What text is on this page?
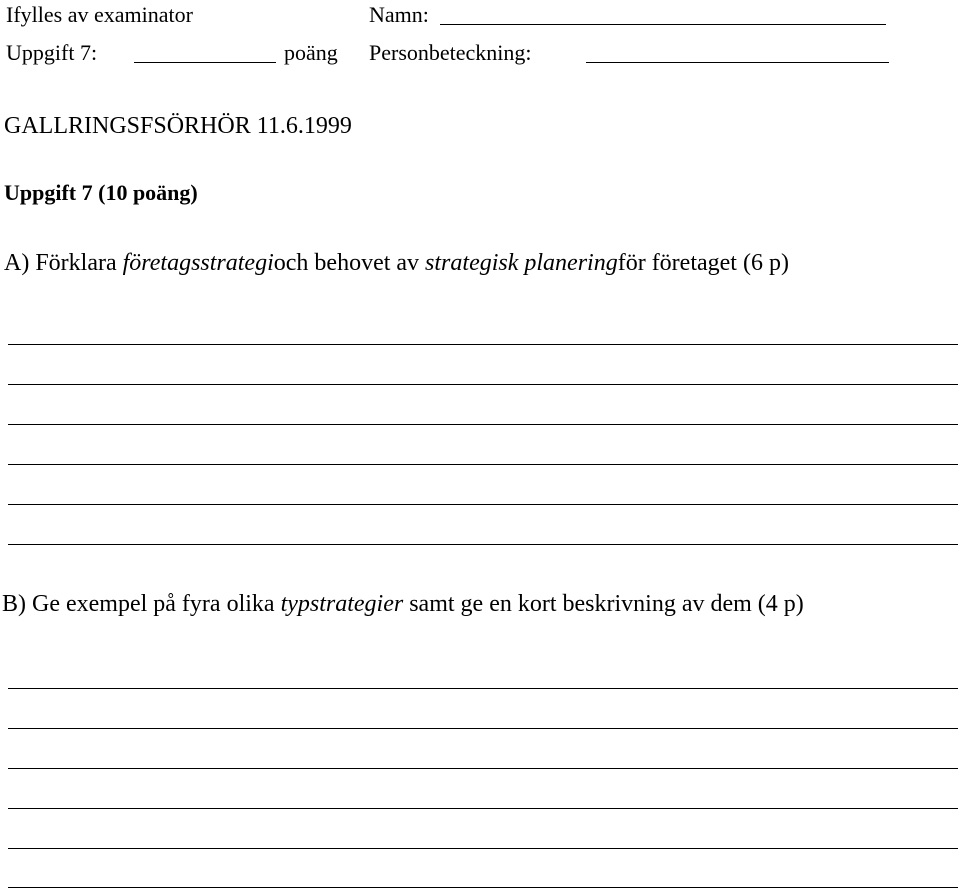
Ifylles av examinator	Namn:
Uppgift 7:	poäng Personbeteckning:
GALLRINGSFSÖRHÖR 11.6.1999
Uppgift 7 (10 poäng)
A) Förklara företagsstrategioch behovet av strategisk planeringför företaget (6 p)
B) Ge exempel på fyra olika typstrategier samt ge en kort beskrivning av dem (4 p)
